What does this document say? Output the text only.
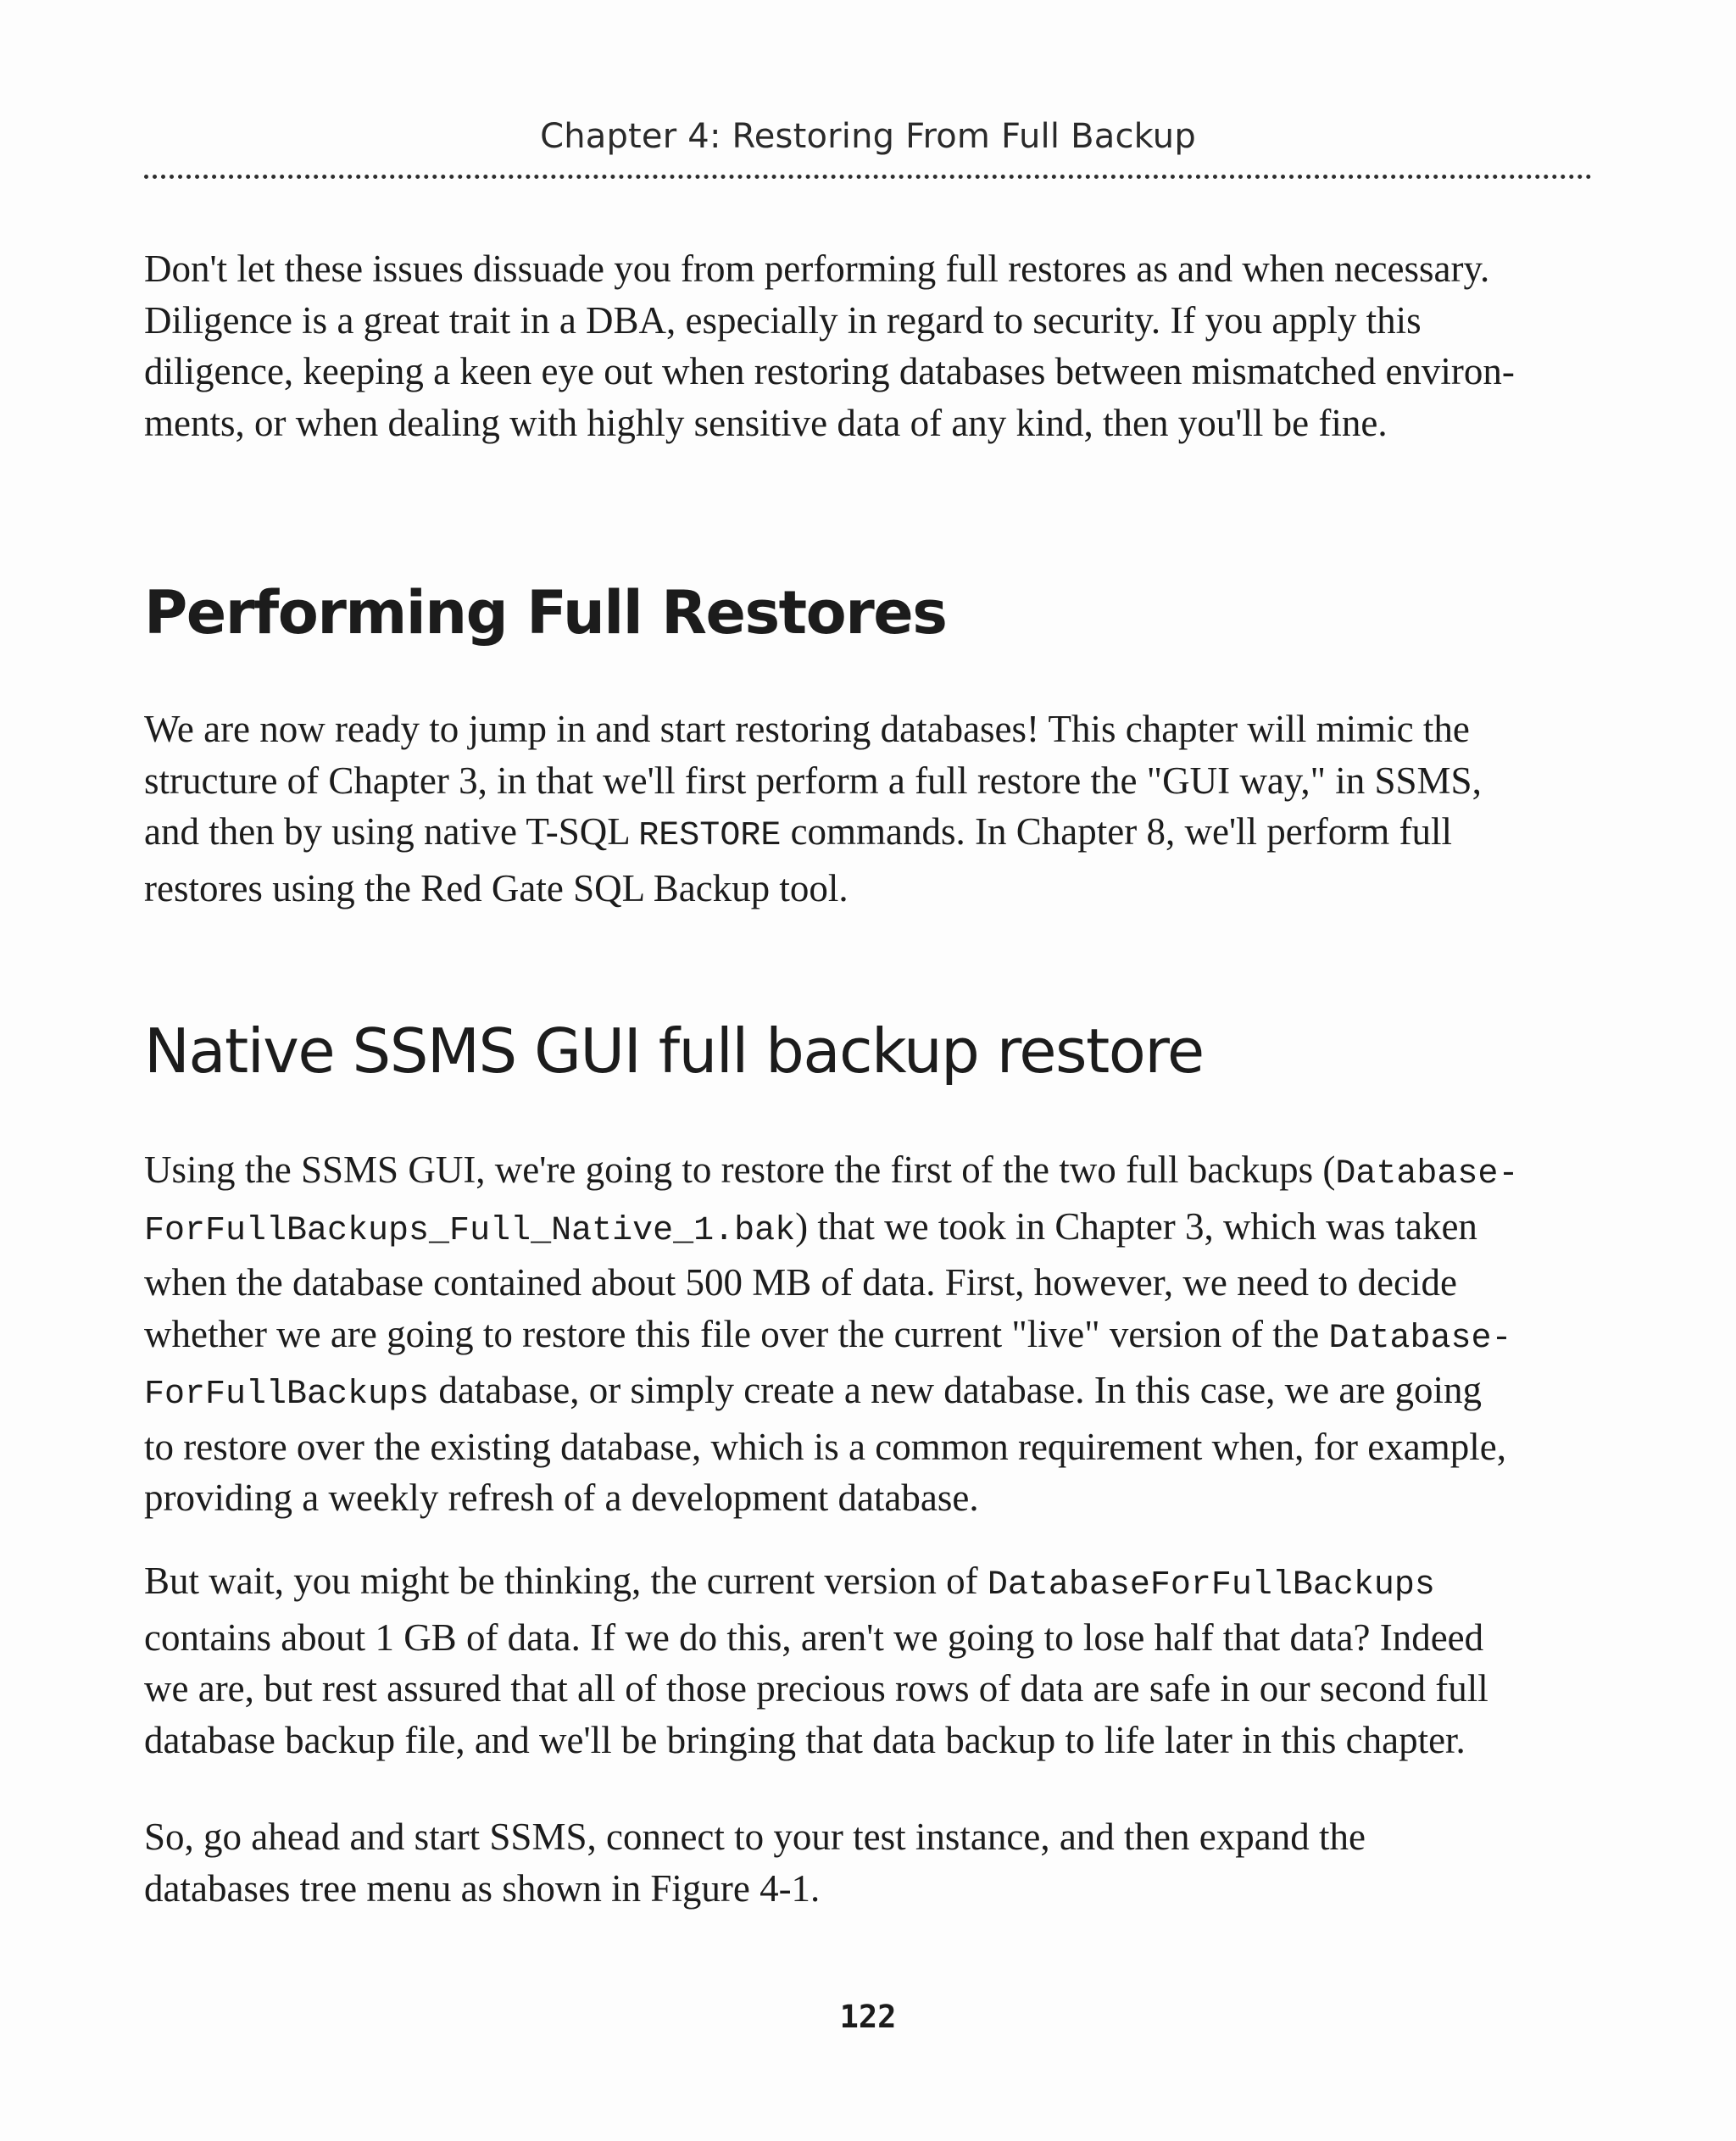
Chapter 4: Restoring From Full Backup

Don't let these issues dissuade you from performing full restores as and when necessary.
Diligence is a great trait in a DBA, especially in regard to security. If you apply this
diligence, keeping a keen eye out when restoring databases between mismatched environ-
ments, or when dealing with highly sensitive data of any kind, then you'll be fine.

Performing Full Restores

We are now ready to jump in and start restoring databases! This chapter will mimic the
structure of Chapter 3, in that we'll first perform a full restore the "GUI way," in SSMS,
and then by using native T-SQL RESTORE commands. In Chapter 8, we'll perform full
restores using the Red Gate SQL Backup tool.

Native SSMS GUI full backup restore

Using the SSMS GUI, we're going to restore the first of the two full backups (Database-
ForFullBackups_Full_Native_1.bak) that we took in Chapter 3, which was taken
when the database contained about 500 MB of data. First, however, we need to decide
whether we are going to restore this file over the current "live" version of the Database-
ForFullBackups database, or simply create a new database. In this case, we are going
to restore over the existing database, which is a common requirement when, for example,
providing a weekly refresh of a development database.

But wait, you might be thinking, the current version of DatabaseForFullBackups
contains about 1 GB of data. If we do this, aren't we going to lose half that data? Indeed
we are, but rest assured that all of those precious rows of data are safe in our second full
database backup file, and we'll be bringing that data backup to life later in this chapter.

So, go ahead and start SSMS, connect to your test instance, and then expand the
databases tree menu as shown in Figure 4-1.

122
